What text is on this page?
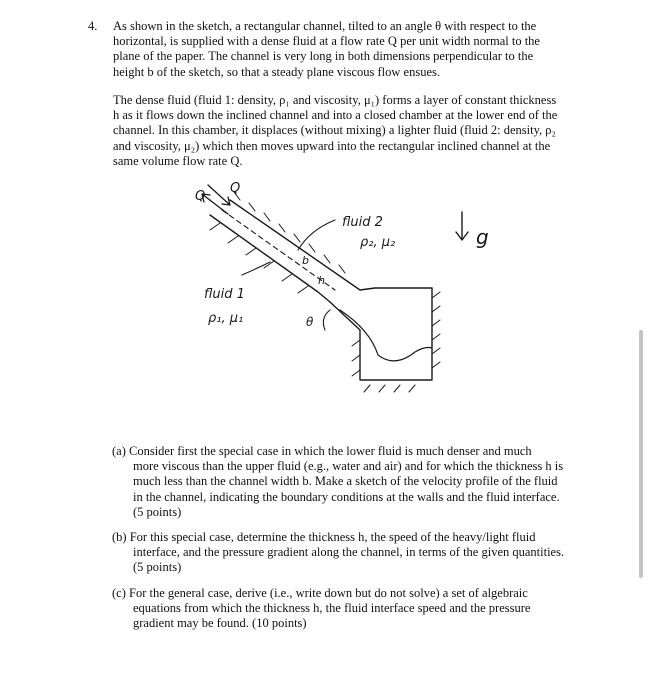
4. As shown in the sketch, a rectangular channel, tilted to an angle θ with respect to the
horizontal, is supplied with a dense fluid at a flow rate Q per unit width normal to the
plane of the paper. The channel is very long in both dimensions perpendicular to the
height b of the sketch, so that a steady plane viscous flow ensues.
The dense fluid (fluid 1: density, ρ₁ and viscosity, μ₁) forms a layer of constant thickness
h as it flows down the inclined channel and into a closed chamber at the lower end of the
channel. In this chamber, it displaces (without mixing) a lighter fluid (fluid 2: density, ρ₂
and viscosity, μ₂) which then moves upward into the rectangular inclined channel at the
same volume flow rate Q.
Q
Q
fluid 2
ρ₂, μ₂
fluid 1
ρ₁, μ₁
b
h
θ
g
(a) Consider first the special case in which the lower fluid is much denser and much
more viscous than the upper fluid (e.g., water and air) and for which the thickness h is
much less than the channel width b. Make a sketch of the velocity profile of the fluid
in the channel, indicating the boundary conditions at the walls and the fluid interface.
(5 points)
(b) For this special case, determine the thickness h, the speed of the heavy/light fluid
interface, and the pressure gradient along the channel, in terms of the given quantities.
(5 points)
(c) For the general case, derive (i.e., write down but do not solve) a set of algebraic
equations from which the thickness h, the fluid interface speed and the pressure
gradient may be found. (10 points)
